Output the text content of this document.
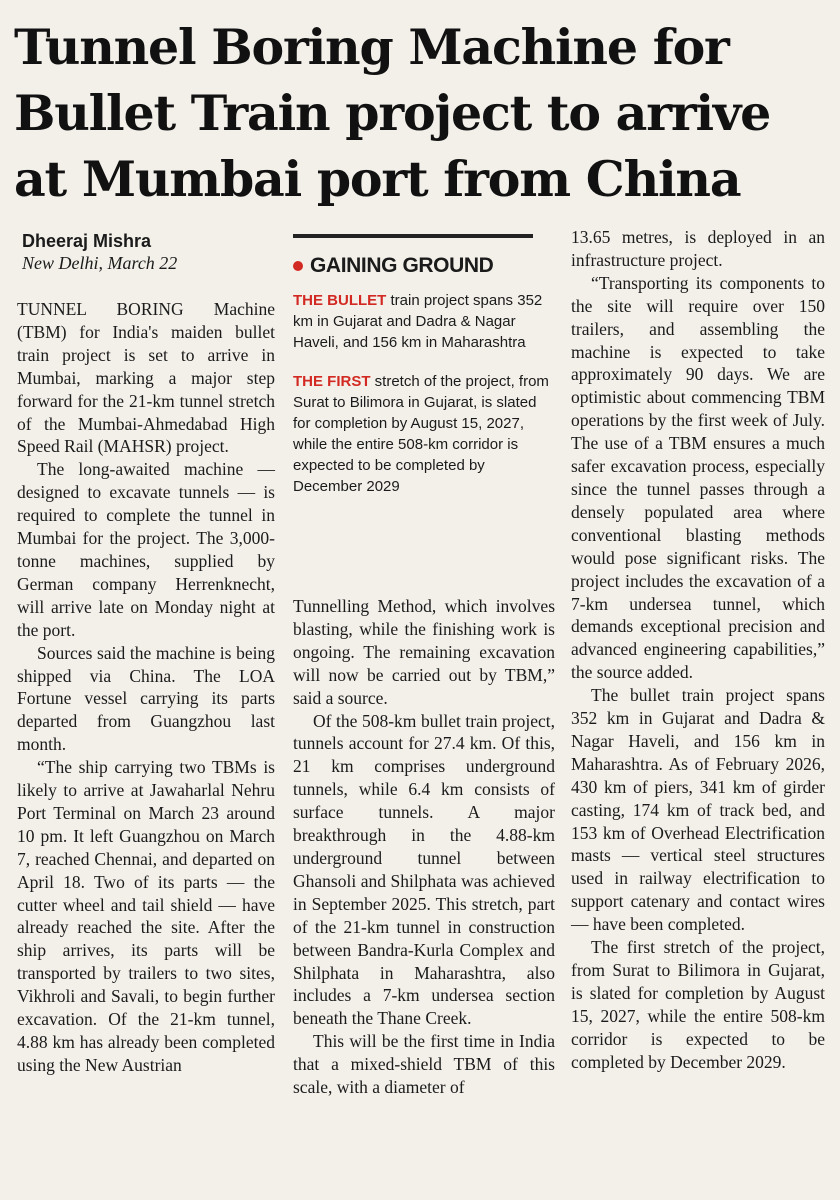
Tunnel Boring Machine for
Bullet Train project to arrive
at Mumbai port from China
Dheeraj Mishra
New Delhi, March 22

TUNNEL BORING Machine (TBM) for India's maiden bullet train project is set to arrive in Mumbai, marking a major step forward for the 21-km tunnel stretch of the Mumbai-Ahmedabad High Speed Rail (MAHSR) project.

The long-awaited machine — designed to excavate tunnels — is required to complete the tunnel in Mumbai for the project. The 3,000-tonne machines, supplied by German company Herrenknecht, will arrive late on Monday night at the port.

Sources said the machine is being shipped via China. The LOA Fortune vessel carrying its parts departed from Guangzhou last month.

“The ship carrying two TBMs is likely to arrive at Jawaharlal Nehru Port Terminal on March 23 around 10 pm. It left Guangzhou on March 7, reached Chennai, and departed on April 18. Two of its parts — the cutter wheel and tail shield — have already reached the site. After the ship arrives, its parts will be transported by trailers to two sites, Vikhroli and Savali, to begin further excavation. Of the 21-km tunnel, 4.88 km has already been completed using the New Austrian

GAINING GROUND

THE BULLET train project spans 352 km in Gujarat and Dadra & Nagar Haveli, and 156 km in Maharashtra

THE FIRST stretch of the project, from Surat to Bilimora in Gujarat, is slated for completion by August 15, 2027, while the entire 508-km corridor is expected to be completed by December 2029

Tunnelling Method, which involves blasting, while the finishing work is ongoing. The remaining excavation will now be carried out by TBM,” said a source.

Of the 508-km bullet train project, tunnels account for 27.4 km. Of this, 21 km comprises underground tunnels, while 6.4 km consists of surface tunnels. A major breakthrough in the 4.88-km underground tunnel between Ghansoli and Shilphata was achieved in September 2025. This stretch, part of the 21-km tunnel in construction between Bandra-Kurla Complex and Shilphata in Maharashtra, also includes a 7-km undersea section beneath the Thane Creek.

This will be the first time in India that a mixed-shield TBM of this scale, with a diameter of

13.65 metres, is deployed in an infrastructure project.

“Transporting its components to the site will require over 150 trailers, and assembling the machine is expected to take approximately 90 days. We are optimistic about commencing TBM operations by the first week of July. The use of a TBM ensures a much safer excavation process, especially since the tunnel passes through a densely populated area where conventional blasting methods would pose significant risks. The project includes the excavation of a 7-km undersea tunnel, which demands exceptional precision and advanced engineering capabilities,” the source added.

The bullet train project spans 352 km in Gujarat and Dadra & Nagar Haveli, and 156 km in Maharashtra. As of February 2026, 430 km of piers, 341 km of girder casting, 174 km of track bed, and 153 km of Overhead Electrification masts — vertical steel structures used in railway electrification to support catenary and contact wires — have been completed.

The first stretch of the project, from Surat to Bilimora in Gujarat, is slated for completion by August 15, 2027, while the entire 508-km corridor is expected to be completed by December 2029.
